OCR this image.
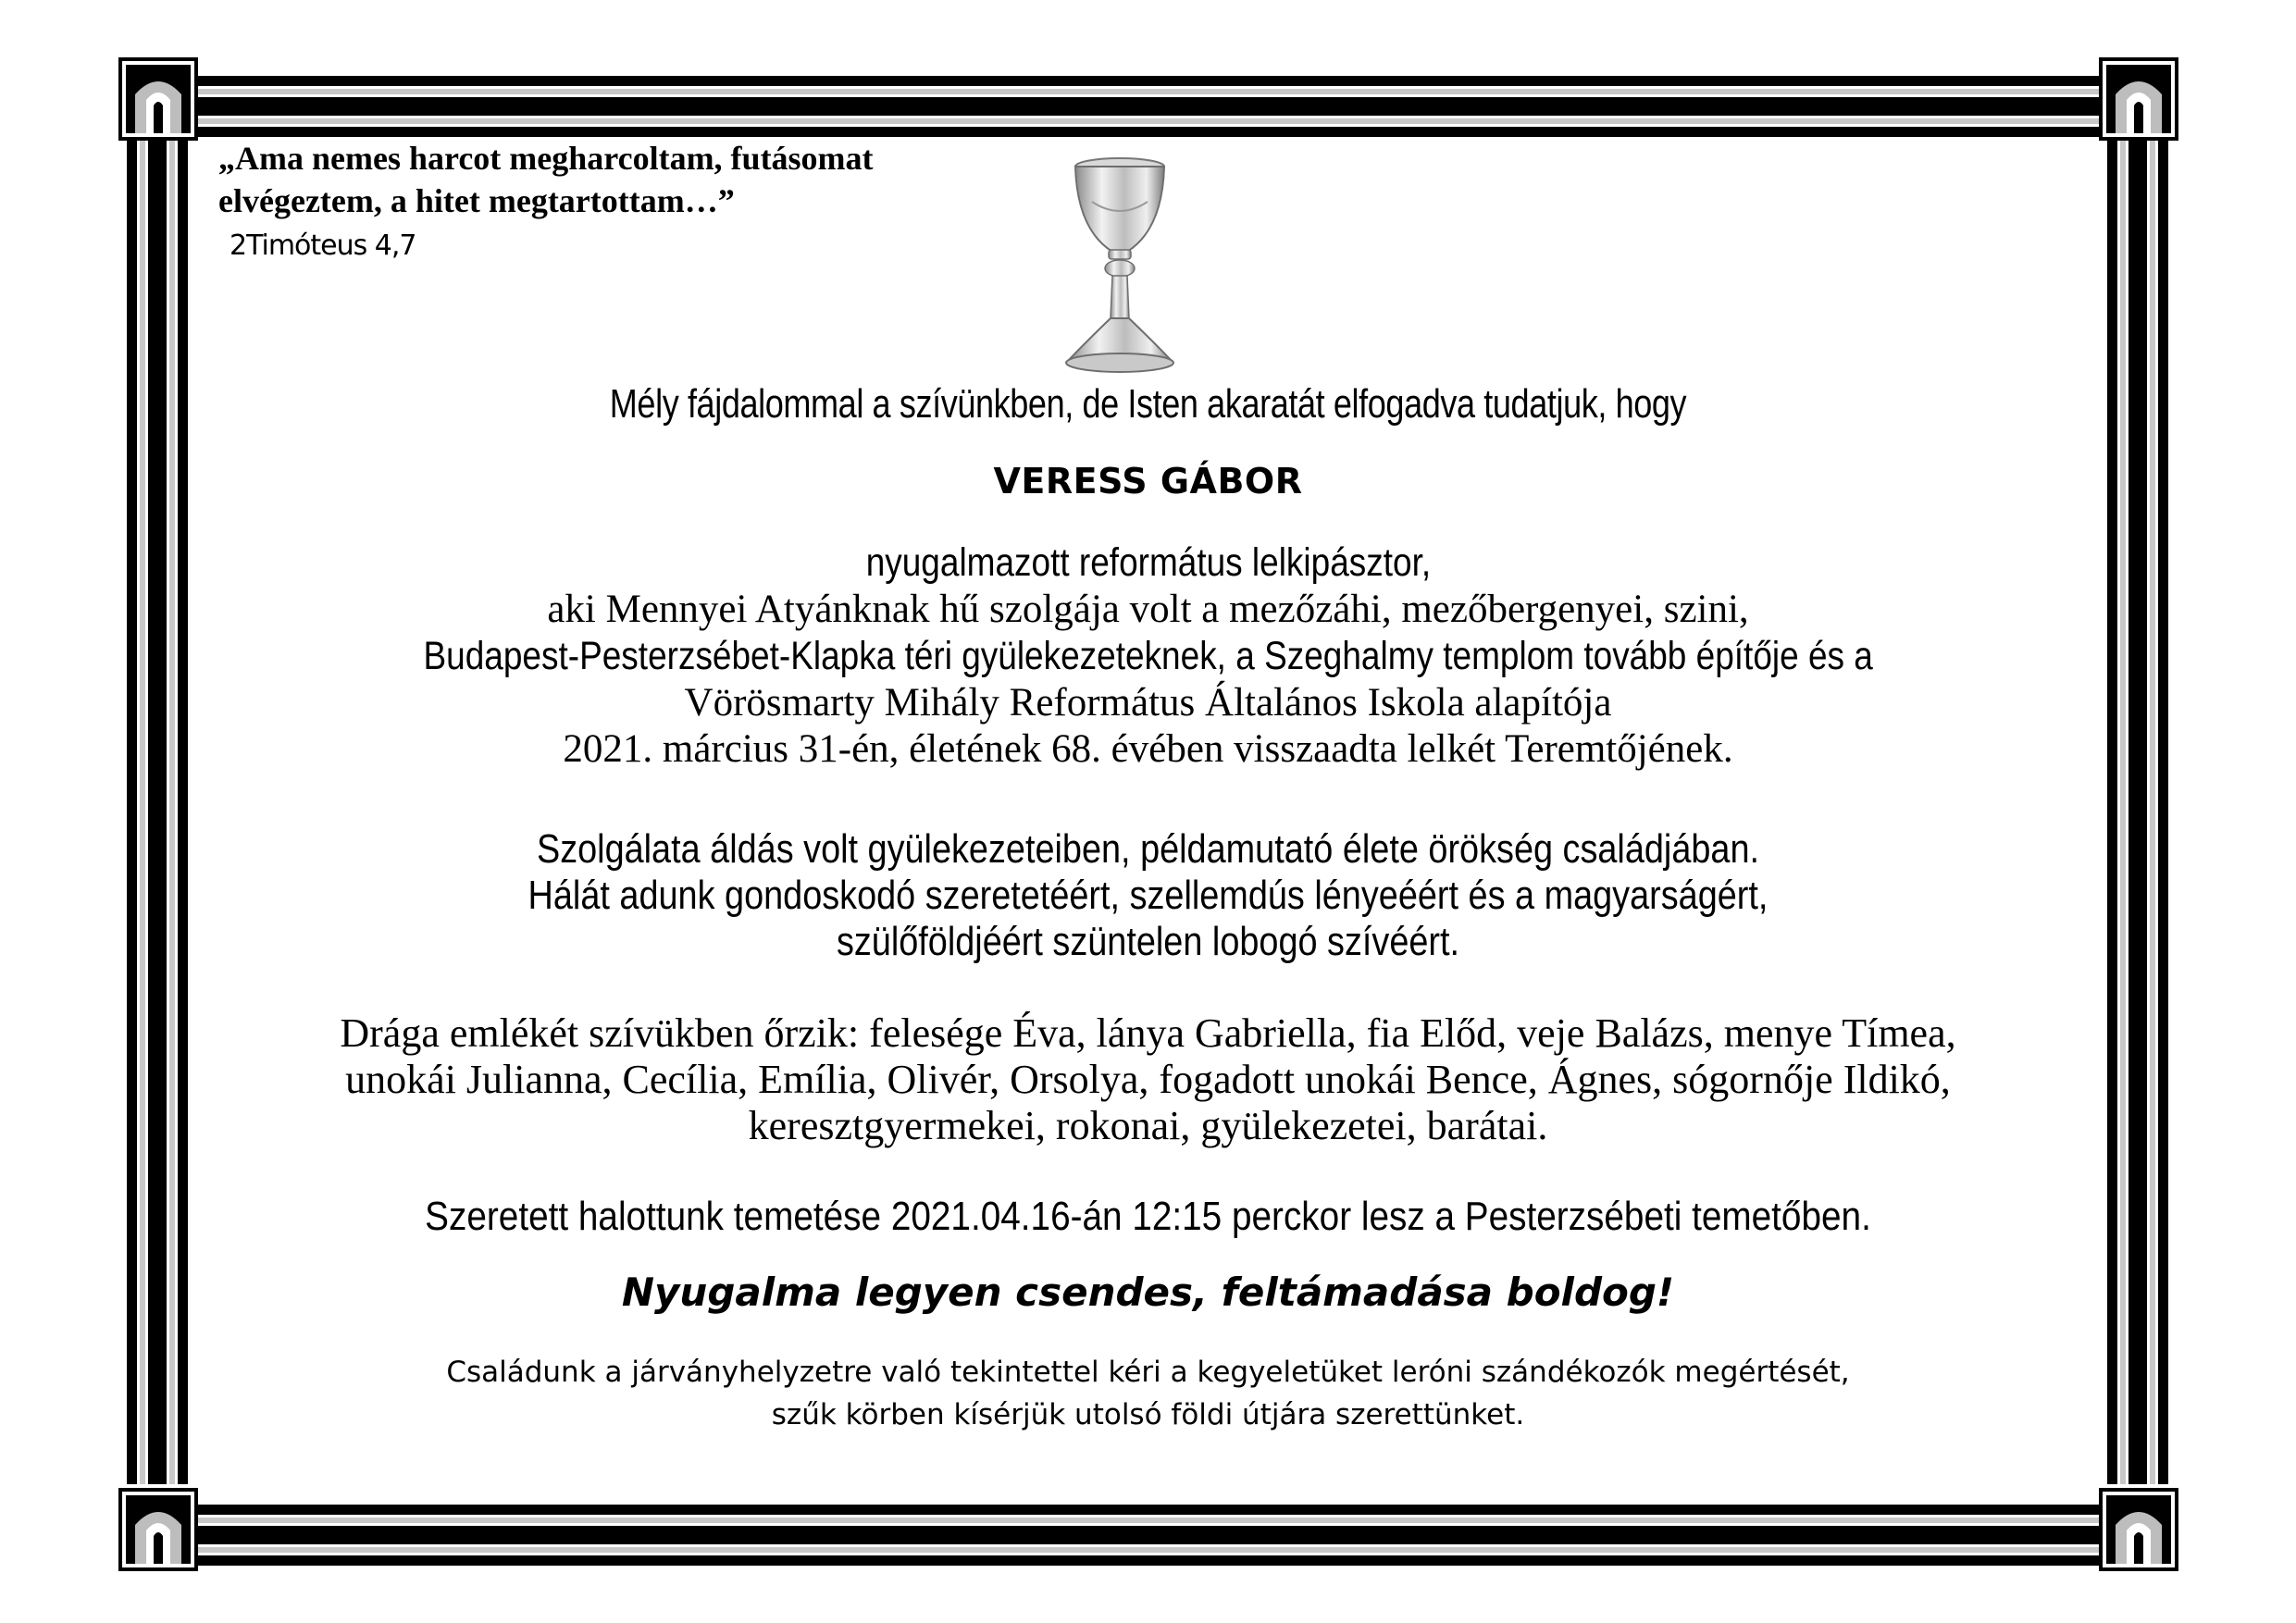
„Ama nemes harcot megharcoltam, futásomat
elvégeztem, a hitet megtartottam…”
2Timóteus 4,7
Mély fájdalommal a szívünkben, de Isten akaratát elfogadva tudatjuk, hogy
VERESS GÁBOR
nyugalmazott református lelkipásztor,
aki Mennyei Atyánknak hű szolgája volt a mezőzáhi, mezőbergenyei, szini,
Budapest-Pesterzsébet-Klapka téri gyülekezeteknek, a Szeghalmy templom tovább építője és a
Vörösmarty Mihály Református Általános Iskola alapítója
2021. március 31-én, életének 68. évében visszaadta lelkét Teremtőjének.
Szolgálata áldás volt gyülekezeteiben, példamutató élete örökség családjában.
Hálát adunk gondoskodó szeretetéért, szellemdús lényeéért és a magyarságért,
szülőföldjéért szüntelen lobogó szívéért.
Drága emlékét szívükben őrzik: felesége Éva, lánya Gabriella, fia Előd, veje Balázs, menye Tímea,
unokái Julianna, Cecília, Emília, Olivér, Orsolya, fogadott unokái Bence, Ágnes, sógornője Ildikó,
keresztgyermekei, rokonai, gyülekezetei, barátai.
Szeretett halottunk temetése 2021.04.16-án 12:15 perckor lesz a Pesterzsébeti temetőben.
Nyugalma legyen csendes, feltámadása boldog!
Családunk a járványhelyzetre való tekintettel kéri a kegyeletüket leróni szándékozók megértését,
szűk körben kísérjük utolsó földi útjára szerettünket.
